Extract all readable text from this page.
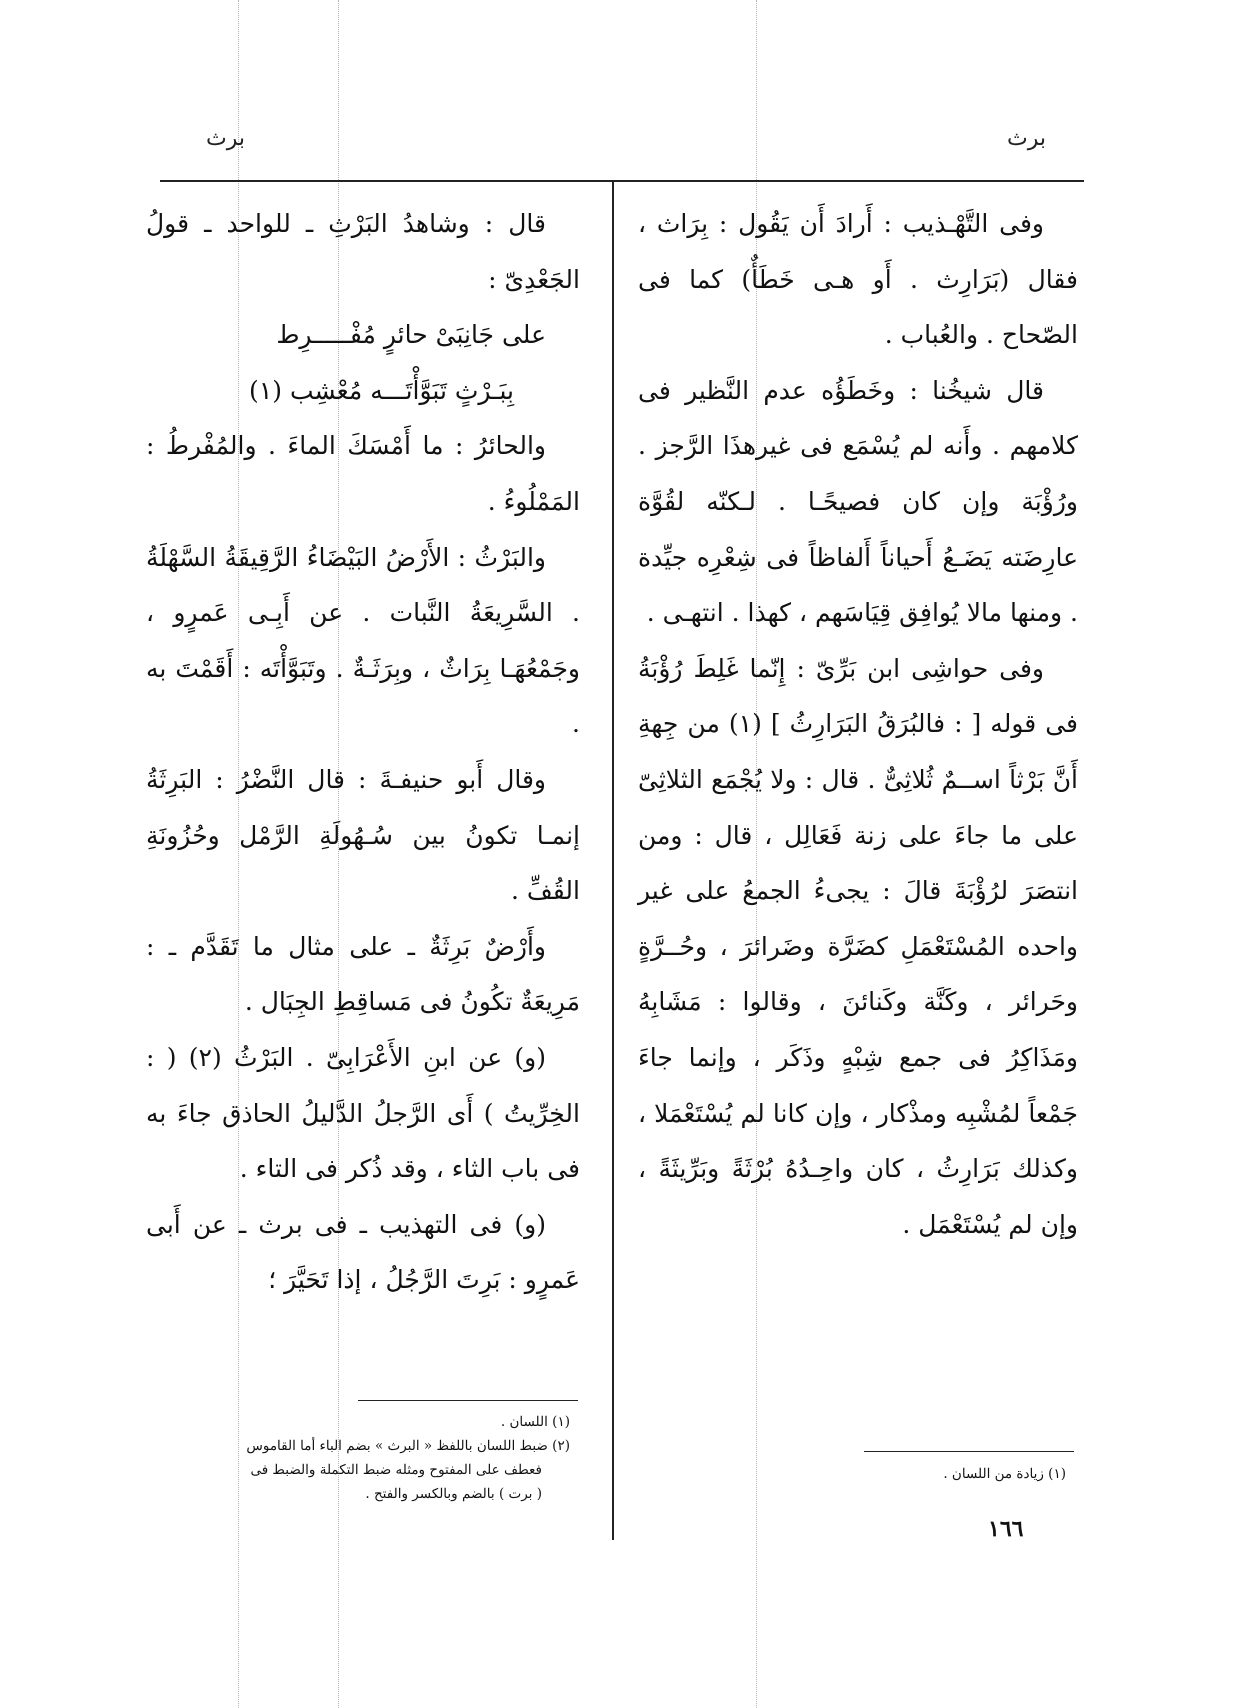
برث
برث

وفى التَّهْـذيب : أَرادَ أَن يَقُول : بِرَاث ، فقال (بَرَارِث . أَو هـى خَطَأٌ) كما فى الصّحاح . والعُباب .

قال شيخُنا : وخَطَؤُه عدم النَّظير فى كلامهم . وأَنه لم يُسْمَع فى غيرهذَا الرَّجز . ورُؤْبَة وإن كان فصيحًـا . لـكنّه لقُوَّة عارِضَته يَضَـعُ أَحياناً أَلفاظاً فى شِعْرِه جيِّدة . ومنها مالا يُوافِق قِيَاسَهم ، كهذا . انتهـى .

وفى حواشِى ابن بَرِّىّ : إِنّما غَلِطَ رُؤْبَةُ فى قوله [ : فالبُرَقُ البَرَارِثُ ] (١) من جِهةِ أَنَّ بَرْثاً اســمٌ ثُلاثِىٌّ . قال : ولا يُجْمَع الثلاثِىّ على ما جاءَ على زنة فَعَالِل ، قال : ومن انتصَرَ لرُؤْبَةَ قالَ : يجىءُ الجمعُ على غير واحده المُسْتَعْمَلِ كضَرَّة وضَرائرَ ، وحُــرَّةٍ وحَرائر ، وكَنَّة وكَنائنَ ، وقالوا : مَشَابِهُ ومَذَاكِرُ فى جمع شِبْهٍ وذَكَر ، وإنما جاءَ جَمْعاً لمُشْبِه ومذْكار ، وإن كانا لم يُسْتَعْمَلا ، وكذلك بَرَارِثُ ، كان واحِـدُهُ بُرْثَةً وبَرِّيثَةً ، وإن لم يُسْتَعْمَل .

(١) زيادة من اللسان .

قال : وشاهدُ البَرْثِ ـ للواحد ـ قولُ الجَعْدِىّ :

على جَانِبَىْ حائرٍ مُفْـــــرِط

بِبَـرْثٍ تَبَوَّأْتَـــه مُعْشِب (١)

والحائرُ : ما أَمْسَكَ الماءَ . والمُفْرطُ : المَمْلُوءُ .

والبَرْثُ : الأَرْضُ البَيْضَاءُ الرَّقِيقَةُ السَّهْلَةُ . السَّرِيعَةُ النَّبات . عن أَبِـى عَمرٍو ، وجَمْعُهَـا بِرَاثٌ ، وبِرَثَـةٌ . وتَبَوَّأْتَه : أَقَمْتَ به .

وقال أَبو حنيفـةَ : قال النَّضْرُ : البَرِثَةُ إنمـا تكونُ بين سُـهُولَةِ الرَّمْل وحُزُونَةِ القُفِّ .

وأَرْضٌ بَرِثَةٌ ـ على مثال ما تَقَدَّم ـ : مَرِيعَةٌ تكُونُ فى مَساقِطِ الجِبَال .

(و) عن ابنِ الأَعْرَابِىّ . البَرْثُ (٢) ( : الخِرِّيتُ ) أَى الرَّجلُ الدَّليلُ الحاذق جاءَ به فى باب الثاء ، وقد ذُكر فى التاء .

(و) فى التهذيب ـ فى برث ـ عن أَبى عَمرٍو : بَرِتَ الرَّجُلُ ، إذا تَحَيَّرَ ؛

(١) اللسان .

(٢) ضبط اللسان باللفظ « البرث » بضم الباء أما القاموس

فعطف على المفتوح ومثله ضبط التكملة والضبط فى

( برت ) بالضم وبالكسر والفتح .

١٦٦
